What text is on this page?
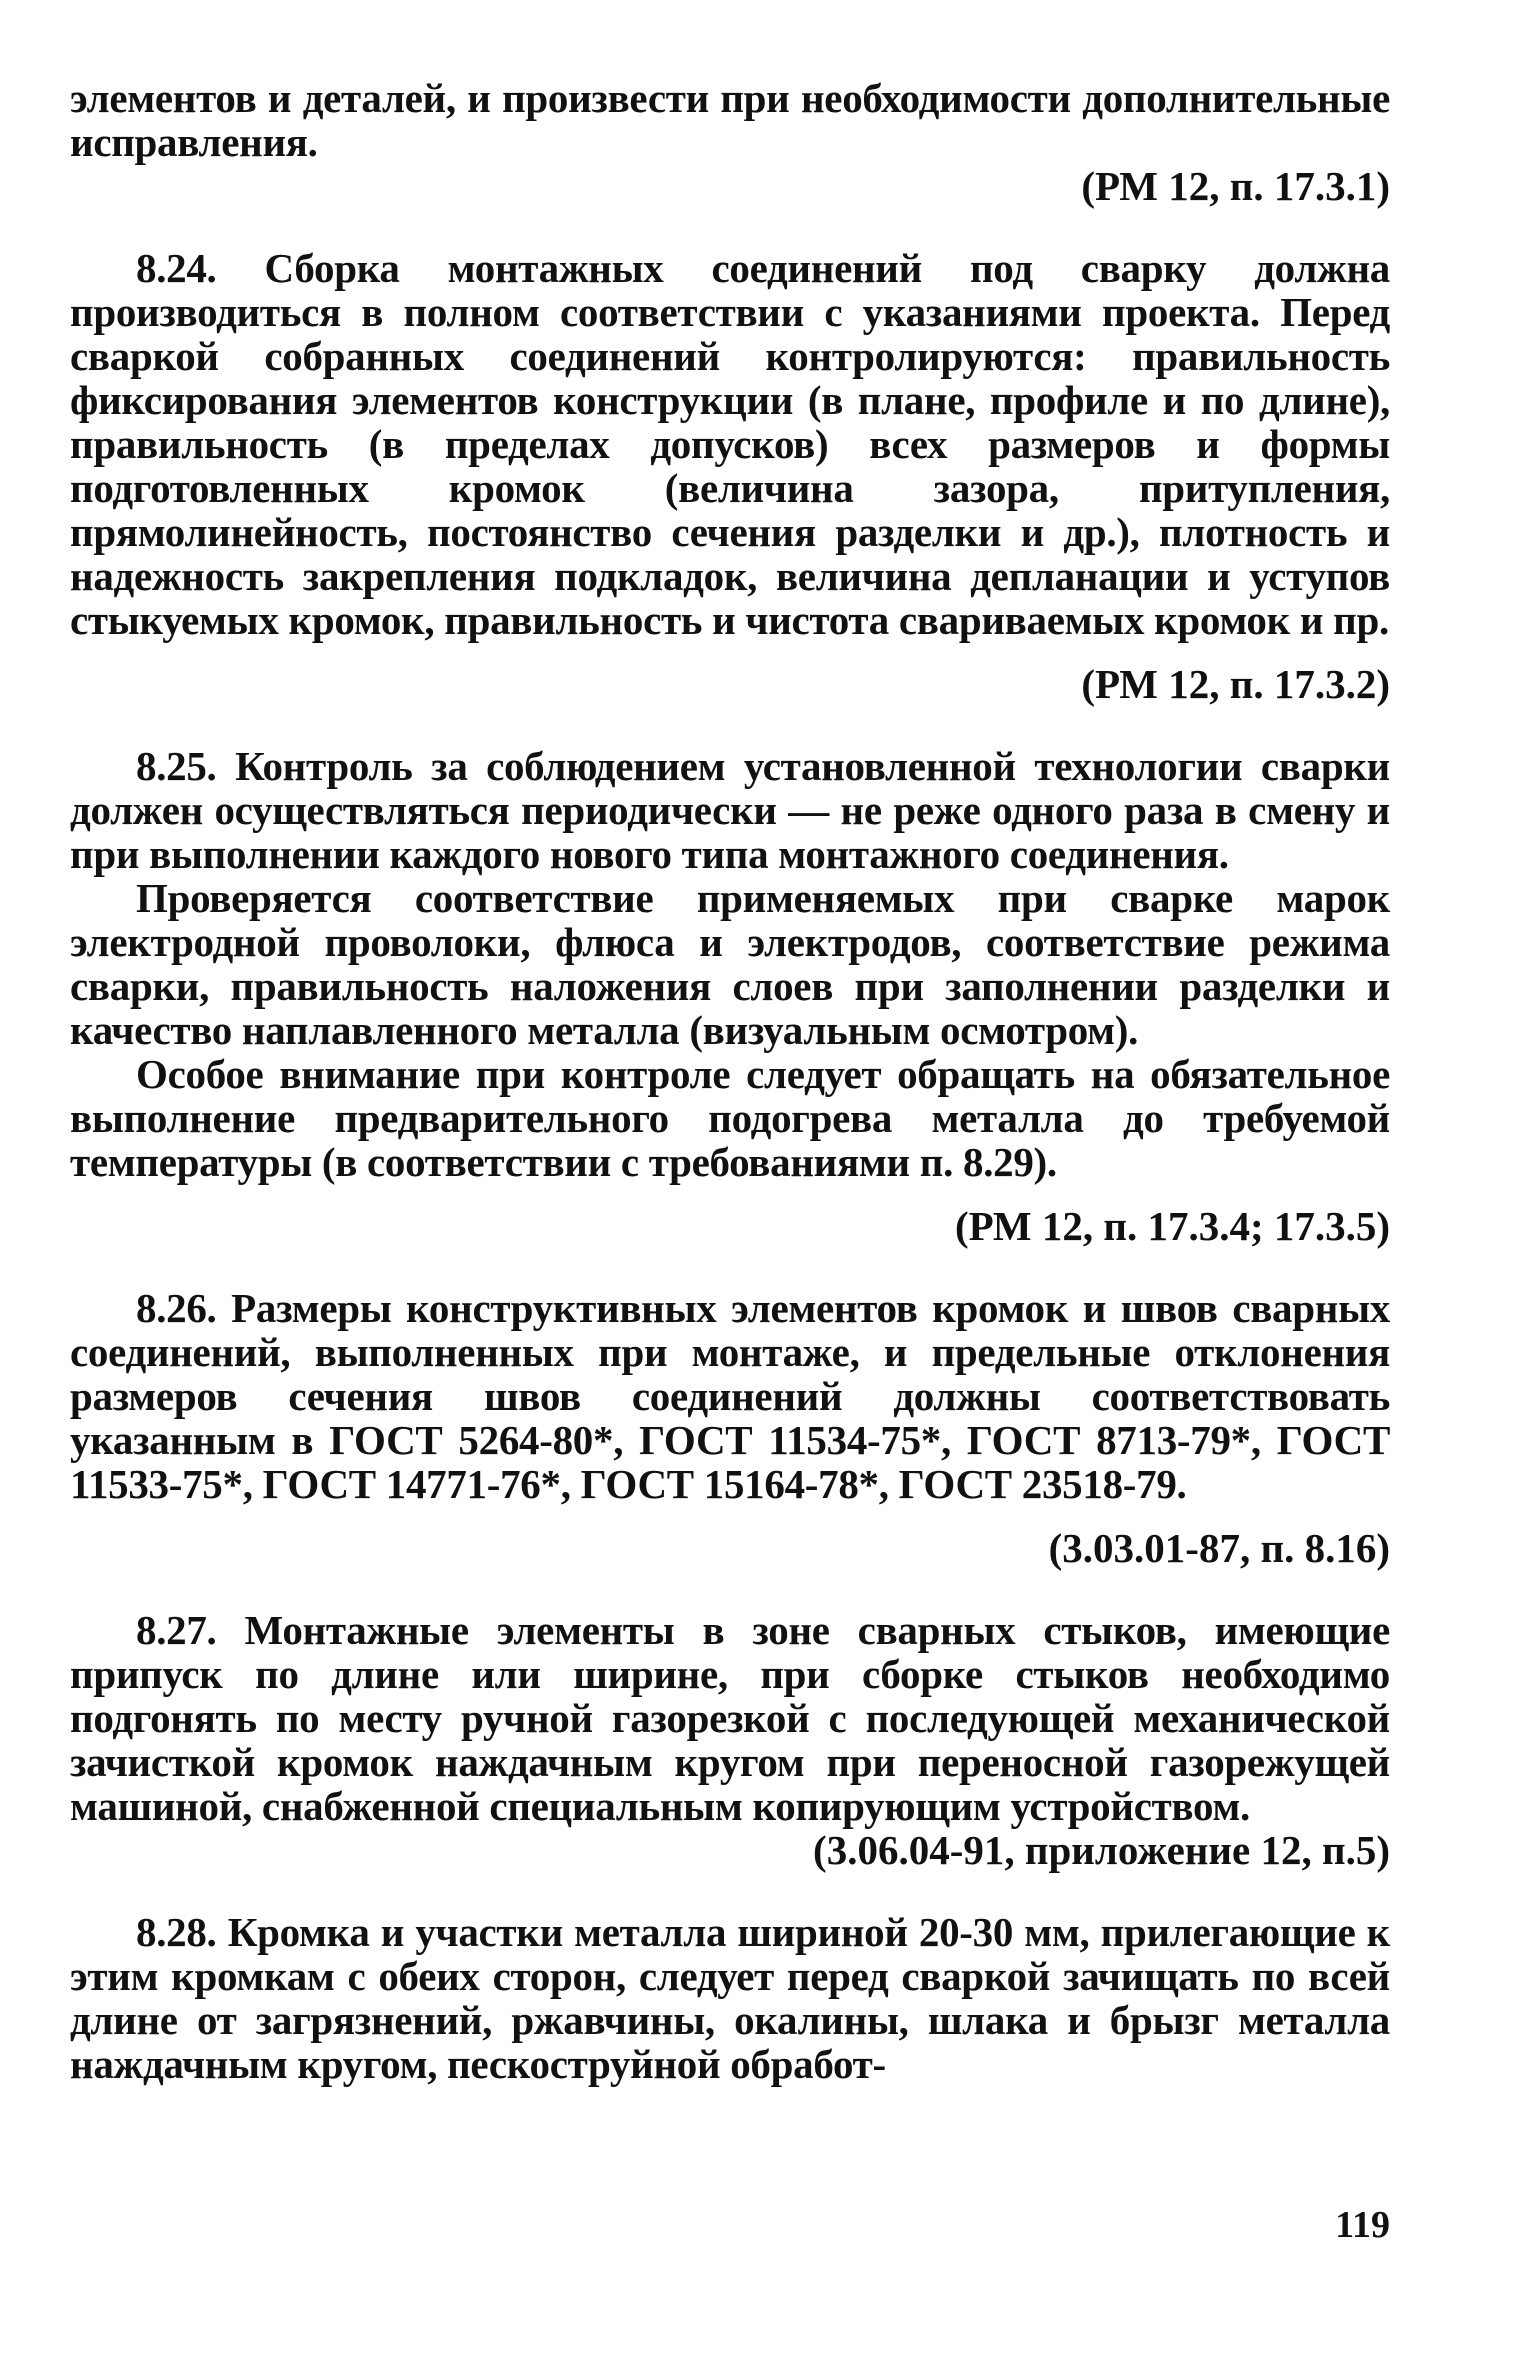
элементов и деталей, и произвести при необходимости дополнительные исправления.

(РМ 12, п. 17.3.1)

8.24. Сборка монтажных соединений под сварку должна производиться в полном соответствии с указаниями проекта. Перед сваркой собранных соединений контролируются: правильность фиксирования элементов конструкции (в плане, профиле и по длине), правильность (в пределах допусков) всех размеров и формы подготовленных кромок (величина зазора, притупления, прямолинейность, постоянство сечения разделки и др.), плотность и надежность закрепления подкладок, величина депланации и уступов стыкуемых кромок, правильность и чистота свариваемых кромок и пр.

(РМ 12, п. 17.3.2)

8.25. Контроль за соблюдением установленной технологии сварки должен осуществляться периодически — не реже одного раза в смену и при выполнении каждого нового типа монтажного соединения.

Проверяется соответствие применяемых при сварке марок электродной проволоки, флюса и электродов, соответствие режима сварки, правильность наложения слоев при заполнении разделки и качество наплавленного металла (визуальным осмотром).

Особое внимание при контроле следует обращать на обязательное выполнение предварительного подогрева металла до требуемой температуры (в соответствии с требованиями п. 8.29).

(РМ 12, п. 17.3.4; 17.3.5)

8.26. Размеры конструктивных элементов кромок и швов сварных соединений, выполненных при монтаже, и предельные отклонения размеров сечения швов соединений должны соответствовать указанным в ГОСТ 5264-80*, ГОСТ 11534-75*, ГОСТ 8713-79*, ГОСТ 11533-75*, ГОСТ 14771-76*, ГОСТ 15164-78*, ГОСТ 23518-79.

(3.03.01-87, п. 8.16)

8.27. Монтажные элементы в зоне сварных стыков, имеющие припуск по длине или ширине, при сборке стыков необходимо подгонять по месту ручной газорезкой с последующей механической зачисткой кромок наждачным кругом при переносной газорежущей машиной, снабженной специальным копирующим устройством.

(3.06.04-91, приложение 12, п.5)

8.28. Кромка и участки металла шириной 20-30 мм, прилегающие к этим кромкам с обеих сторон, следует перед сваркой зачищать по всей длине от загрязнений, ржавчины, окалины, шлака и брызг металла наждачным кругом, пескоструйной обработ-

119
